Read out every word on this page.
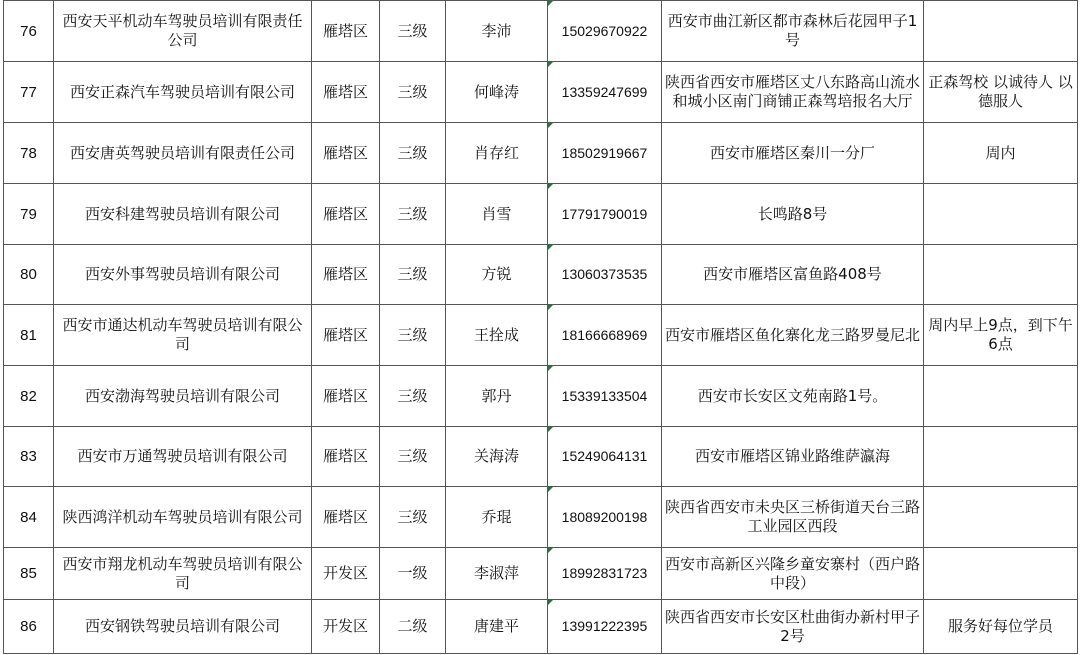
76	西安天平机动车驾驶员培训有限责任公司	雁塔区	三级	李沛	15029670922	西安市曲江新区都市森林后花园甲子1号	
77	西安正森汽车驾驶员培训有限公司	雁塔区	三级	何峰涛	13359247699	陕西省西安市雁塔区丈八东路高山流水和城小区南门商铺正森驾培报名大厅	正森驾校 以诚待人 以德服人
78	西安唐英驾驶员培训有限责任公司	雁塔区	三级	肖存红	18502919667	西安市雁塔区秦川一分厂	周内
79	西安科建驾驶员培训有限公司	雁塔区	三级	肖雪	17791790019	长鸣路8号	
80	西安外事驾驶员培训有限公司	雁塔区	三级	方锐	13060373535	西安市雁塔区富鱼路408号	
81	西安市通达机动车驾驶员培训有限公司	雁塔区	三级	王拴成	18166668969	西安市雁塔区鱼化寨化龙三路罗曼尼北	周内早上9点，到下午6点
82	西安渤海驾驶员培训有限公司	雁塔区	三级	郭丹	15339133504	西安市长安区文苑南路1号。	
83	西安市万通驾驶员培训有限公司	雁塔区	三级	关海涛	15249064131	西安市雁塔区锦业路维萨瀛海	
84	陕西鸿洋机动车驾驶员培训有限公司	雁塔区	三级	乔琨	18089200198	陕西省西安市未央区三桥街道天台三路工业园区西段	
85	西安市翔龙机动车驾驶员培训有限公司	开发区	一级	李淑萍	18992831723	西安市高新区兴隆乡童安寨村（西户路中段）	
86	西安钢铁驾驶员培训有限公司	开发区	二级	唐建平	13991222395	陕西省西安市长安区杜曲街办新村甲子2号	服务好每位学员
